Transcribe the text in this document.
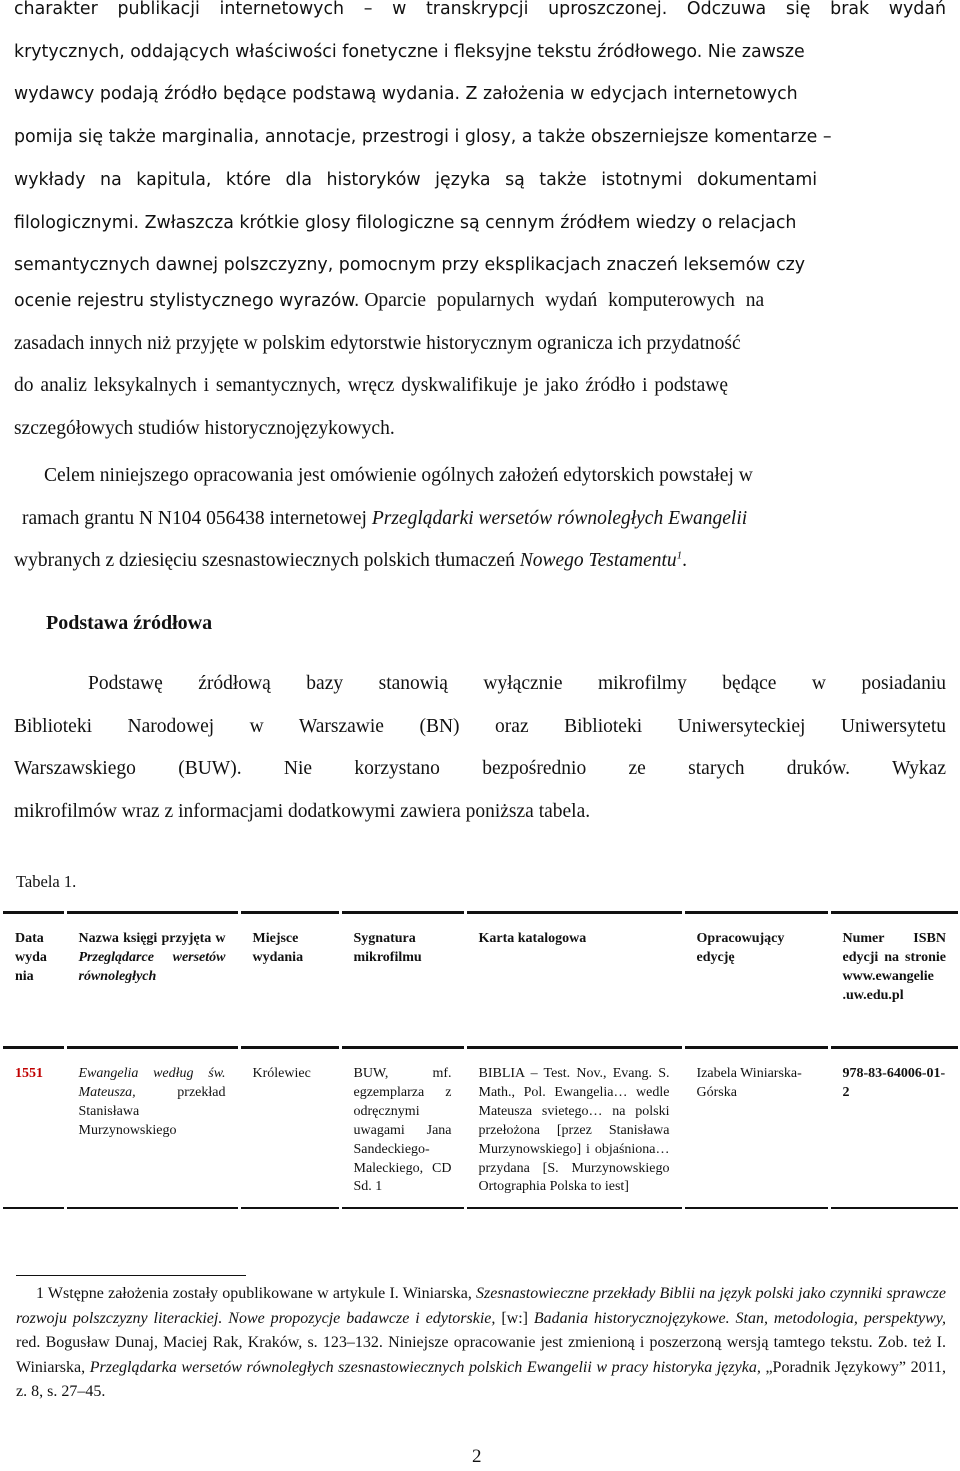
charakter publikacji internetowych – w transkrypcji uproszczonej. Odczuwa się brak wydań
krytycznych, oddających właściwości fonetyczne i fleksyjne tekstu źródłowego. Nie zawsze
wydawcy podają źródło będące podstawą wydania. Z założenia w edycjach internetowych
pomija się także marginalia, annotacje, przestrogi i glosy, a także obszerniejsze komentarze –
wykłady na kapitula, które dla historyków języka są także istotnymi dokumentami
filologicznymi. Zwłaszcza krótkie glosy filologiczne są cennym źródłem wiedzy o relacjach
semantycznych dawnej polszczyzny, pomocnym przy eksplikacjach znaczeń leksemów czy

ocenie rejestru stylistycznego wyrazów. Oparcie popularnych wydań komputerowych na
zasadach innych niż przyjęte w polskim edytorstwie historycznym ogranicza ich przydatność
do analiz leksykalnych i semantycznych, wręcz dyskwalifikuje je jako źródło i podstawę
szczegółowych studiów historycznojęzykowych.
Celem niniejszego opracowania jest omówienie ogólnych założeń edytorskich powstałej w
ramach grantu N N104 056438 internetowej Przeglądarki wersetów równoległych Ewangelii
wybranych z dziesięciu szesnastowiecznych polskich tłumaczeń Nowego Testamentu$^1$.
Podstawa źródłowa
Podstawę źródłową bazy stanowią wyłącznie mikrofilmy będące w posiadaniu
Biblioteki Narodowej w Warszawie (BN) oraz Biblioteki Uniwersyteckiej Uniwersytetu
Warszawskiego (BUW). Nie korzystano bezpośrednio ze starych druków. Wykaz
mikrofilmów wraz z informacjami dodatkowymi zawiera poniższa tabela.

Tabela 1.

Data wyda nia	Nazwa księgi przyjęta w Przeglądarce wersetów równoległych	Miejsce wydania	Sygnatura mikrofilmu	Karta katalogowa	Opracowujący edycję	Numer ISBN edycji na stronie www.ewangelie .uw.edu.pl
1551	Ewangelia według św. Mateusza, przekład Stanisława Murzynowskiego	Królewiec	BUW, mf. egzemplarza z odręcznymi uwagami Jana Sandeckiego-Maleckiego, CD Sd. 1	BIBLIA – Test. Nov., Evang. S. Math., Pol. Ewangelia… wedle Mateusza svietego… na polski przełożona [przez Stanisława Murzynowskiego] i objaśniona… przydana [S. Murzynowskiego Ortographia Polska to iest]	Izabela Winiarska-Górska	978-83-64006-01-2

1 Wstępne założenia zostały opublikowane w artykule I. Winiarska, Szesnastowieczne przekłady Biblii na język polski jako czynniki sprawcze rozwoju polszczyzny literackiej. Nowe propozycje badawcze i edytorskie, [w:] Badania historycznojęzykowe. Stan, metodologia, perspektywy, red. Bogusław Dunaj, Maciej Rak, Kraków, s. 123–132. Niniejsze opracowanie jest zmienioną i poszerzoną wersją tamtego tekstu. Zob. też I. Winiarska, Przeglądarka wersetów równoległych szesnastowiecznych polskich Ewangelii w pracy historyka języka, „Poradnik Językowy” 2011, z. 8, s. 27–45.

2
